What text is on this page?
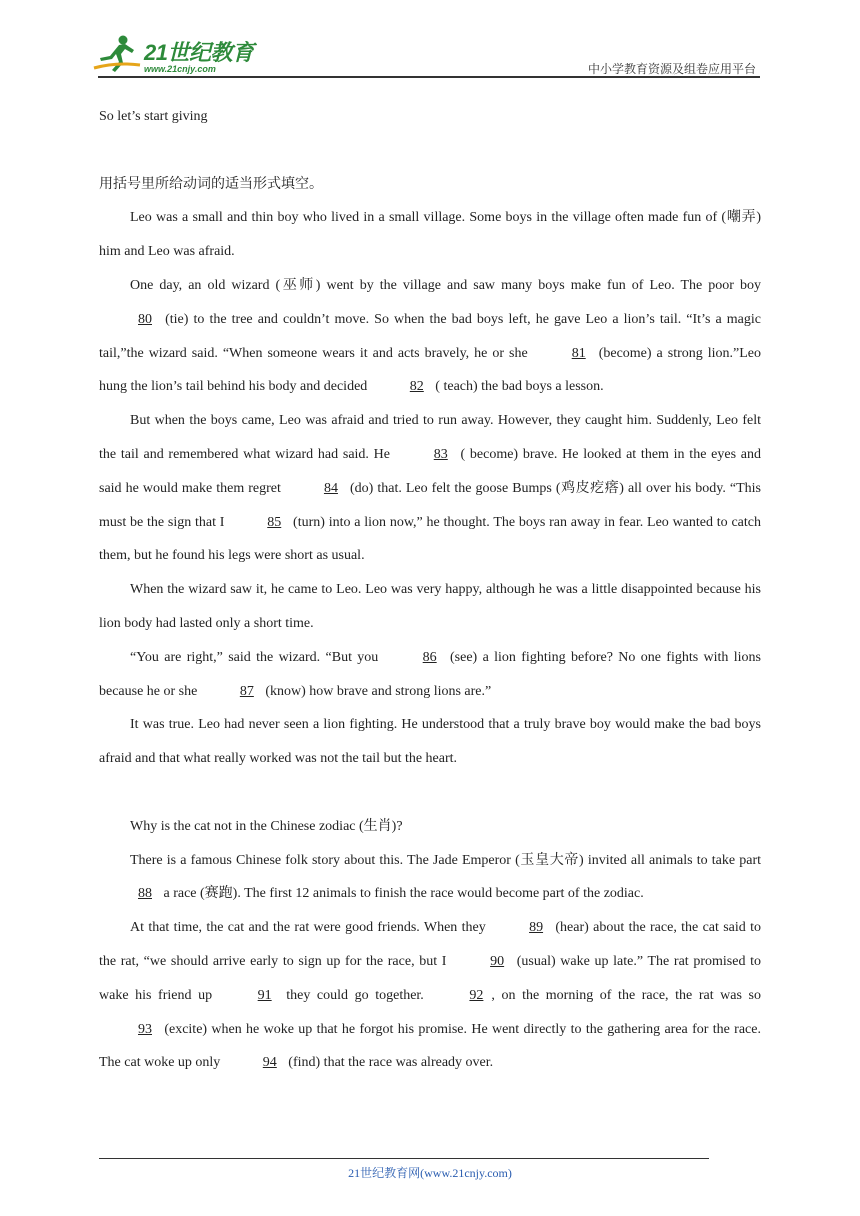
21世纪教育
www.21cnjy.com	中小学教育资源及组卷应用平台

So let’s start giving

用括号里所给动词的适当形式填空。

Leo was a small and thin boy who lived in a small village. Some boys in the village often made fun of (嘲弄) him and Leo was afraid.

One day, an old wizard (巫师) went by the village and saw many boys make fun of Leo. The poor boy 80 (tie) to the tree and couldn’t move. So when the bad boys left, he gave Leo a lion’s tail. “It’s a magic tail,”the wizard said. “When someone wears it and acts bravely, he or she	81 (become) a strong lion.”Leo hung the lion’s tail behind his body and decided	82 ( teach) the bad boys a lesson.

But when the boys came, Leo was afraid and tried to run away. However, they caught him. Suddenly, Leo felt the tail and remembered what wizard had said. He	83 ( become) brave. He looked at them in the eyes and said he would make them regret	84 (do) that. Leo felt the goose Bumps (鸡皮疙瘩) all over his body. “This must be the sign that I	85 (turn) into a lion now,” he thought. The boys ran away in fear. Leo wanted to catch them, but he found his legs were short as usual.

When the wizard saw it, he came to Leo. Leo was very happy, although he was a little disappointed because his lion body had lasted only a short time.

“You are right,” said the wizard. “But you	86 (see) a lion fighting before? No one fights with lions because he or she	87 (know) how brave and strong lions are.”

It was true. Leo had never seen a lion fighting. He understood that a truly brave boy would make the bad boys afraid and that what really worked was not the tail but the heart.

Why is the cat not in the Chinese zodiac (生肖)?

There is a famous Chinese folk story about this. The Jade Emperor (玉皇大帝) invited all animals to take part 88 a race (赛跑). The first 12 animals to finish the race would become part of the zodiac.

At that time, the cat and the rat were good friends. When they	89 (hear) about the race, the cat said to the rat, “we should arrive early to sign up for the race, but I	90 (usual) wake up late.” The rat promised to wake his friend up	91 they could go together.	92 , on the morning of the race, the rat was so 93 (excite) when he woke up that he forgot his promise. He went directly to the gathering area for the race. The cat woke up only	94 (find) that the race was already over.

21世纪教育网(www.21cnjy.com)
